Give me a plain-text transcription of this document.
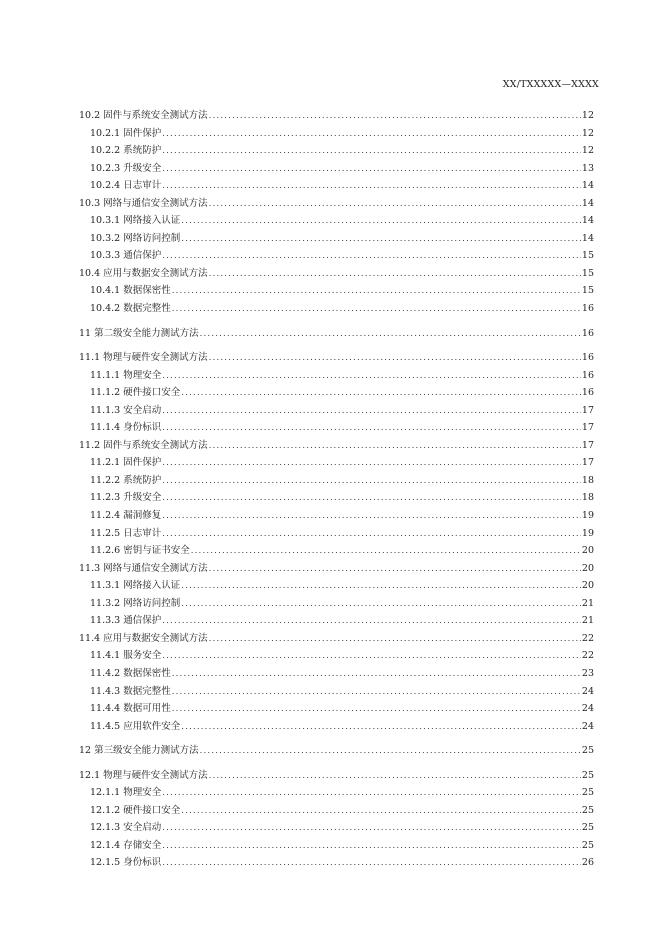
XX/TXXXXX—XXXX
10.2 固件与系统安全测试方法 .....	12
10.2.1 固件保护 .....	12
10.2.2 系统防护 .....	12
10.2.3 升级安全 .....	13
10.2.4 日志审计 .....	14
10.3 网络与通信安全测试方法 .....	14
10.3.1 网络接入认证 .....	14
10.3.2 网络访问控制 .....	14
10.3.3 通信保护 .....	15
10.4 应用与数据安全测试方法 .....	15
10.4.1 数据保密性 .....	15
10.4.2 数据完整性 .....	16
11 第二级安全能力测试方法 .....	16
11.1 物理与硬件安全测试方法 .....	16
11.1.1 物理安全 .....	16
11.1.2 硬件接口安全 .....	16
11.1.3 安全启动 .....	17
11.1.4 身份标识 .....	17
11.2 固件与系统安全测试方法 .....	17
11.2.1 固件保护 .....	17
11.2.2 系统防护 .....	18
11.2.3 升级安全 .....	18
11.2.4 漏洞修复 .....	19
11.2.5 日志审计 .....	19
11.2.6 密钥与证书安全 .....	20
11.3 网络与通信安全测试方法 .....	20
11.3.1 网络接入认证 .....	20
11.3.2 网络访问控制 .....	21
11.3.3 通信保护 .....	21
11.4 应用与数据安全测试方法 .....	22
11.4.1 服务安全 .....	22
11.4.2 数据保密性 .....	23
11.4.3 数据完整性 .....	24
11.4.4 数据可用性 .....	24
11.4.5 应用软件安全 .....	24
12 第三级安全能力测试方法 .....	25
12.1 物理与硬件安全测试方法 .....	25
12.1.1 物理安全 .....	25
12.1.2 硬件接口安全 .....	25
12.1.3 安全启动 .....	25
12.1.4 存储安全 .....	25
12.1.5 身份标识 .....	26
